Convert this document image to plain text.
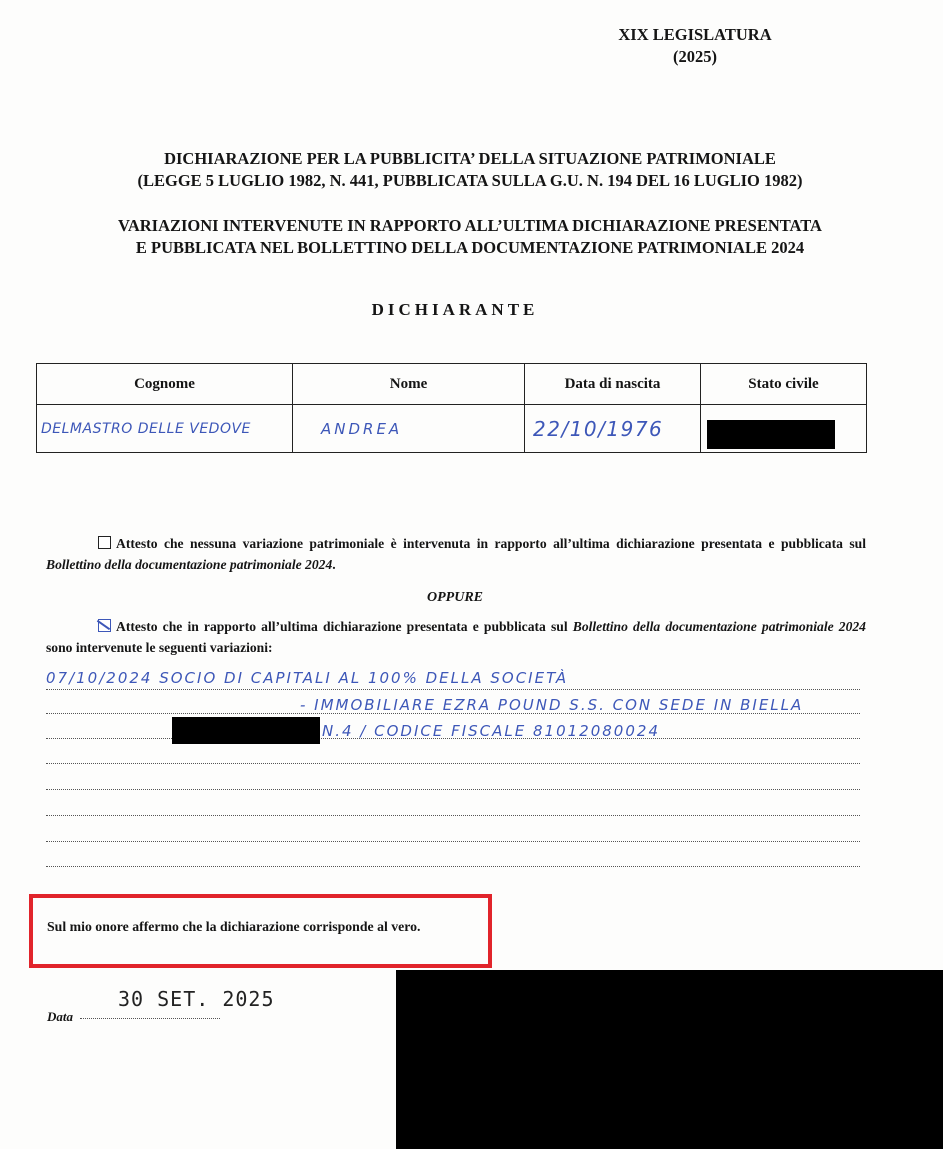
XIX LEGISLATURA
(2025)
DICHIARAZIONE PER LA PUBBLICITA’ DELLA SITUAZIONE PATRIMONIALE
(LEGGE 5 LUGLIO 1982, N. 441, PUBBLICATA SULLA G.U. N. 194 DEL 16 LUGLIO 1982)
VARIAZIONI INTERVENUTE IN RAPPORTO ALL’ULTIMA DICHIARAZIONE PRESENTATA
E PUBBLICATA NEL BOLLETTINO DELLA DOCUMENTAZIONE PATRIMONIALE 2024
DICHIARANTE
Cognome	Nome	Data di nascita	Stato civile

DELMASTRO DELLE VEDOVE	ANDREA	22/10/1976	

Attesto che nessuna variazione patrimoniale è intervenuta in rapporto all’ultima dichiarazione presentata e pubblicata sul Bollettino della documentazione patrimoniale 2024.
OPPURE
Attesto che in rapporto all’ultima dichiarazione presentata e pubblicata sul Bollettino della documentazione patrimoniale 2024 sono intervenute le seguenti variazioni:
07/10/2024 SOCIO DI CAPITALI AL 100% DELLA SOCIETÀ
- IMMOBILIARE EZRA POUND S.S. CON SEDE IN BIELLA
N.4 / CODICE FISCALE 81012080024
Sul mio onore affermo che la dichiarazione corrisponde al vero.
30 SET. 2025
Data
